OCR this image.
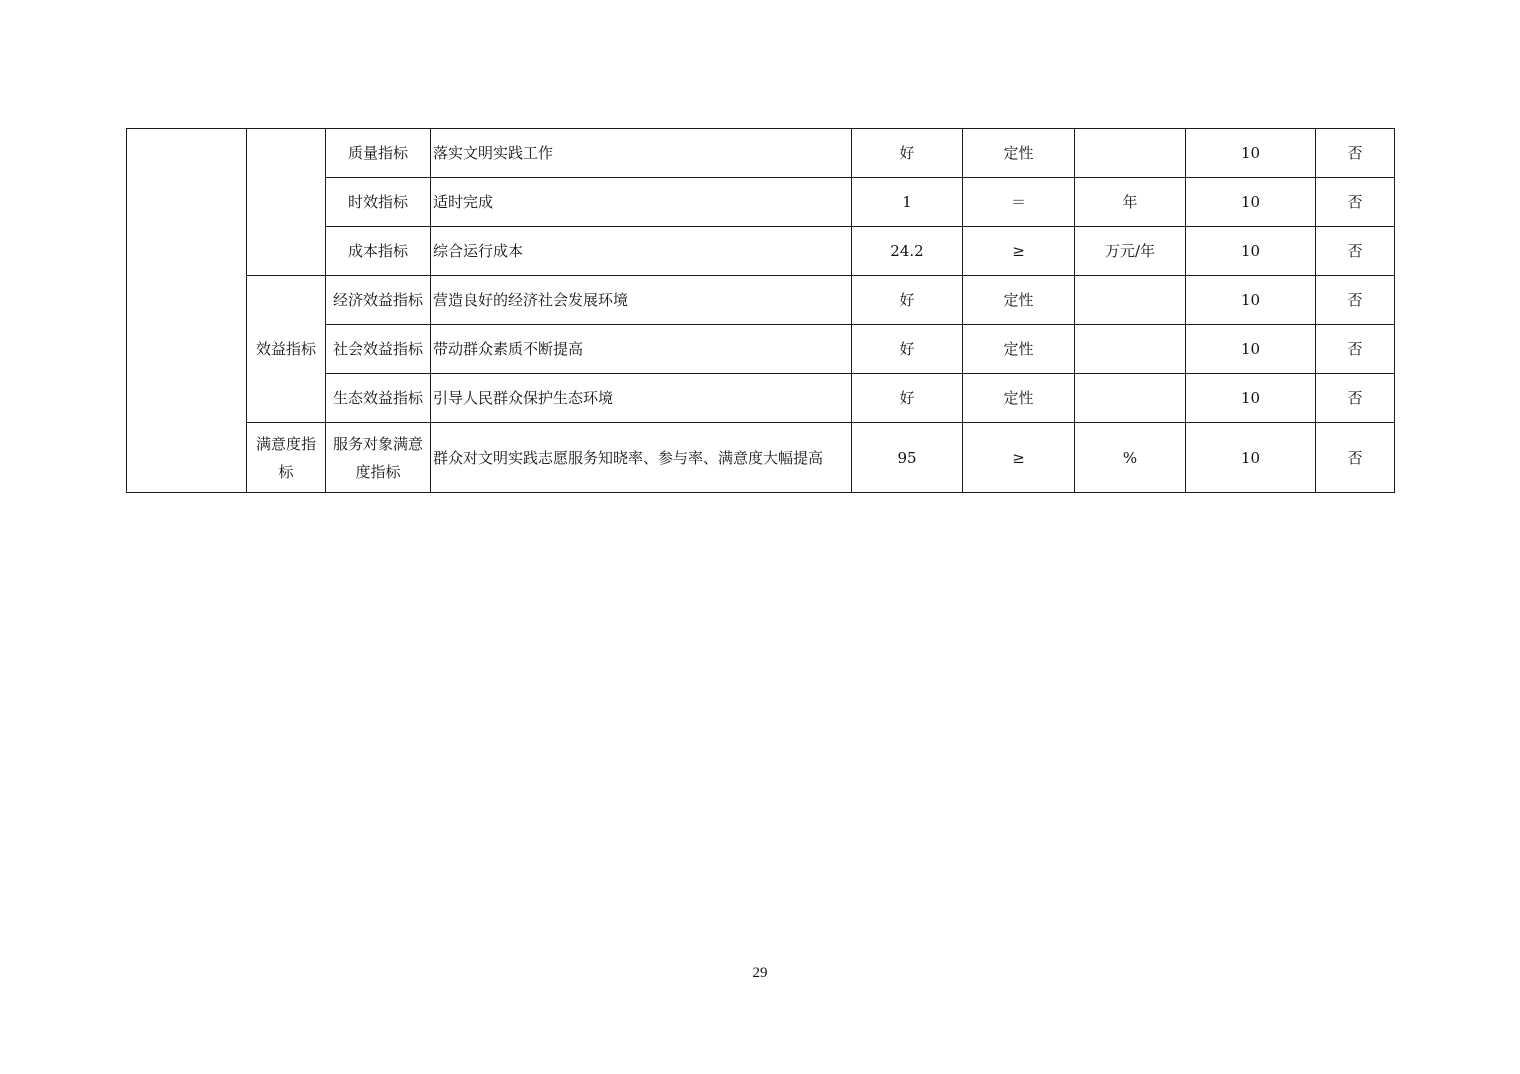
		质量指标	落实文明实践工作	好	定性		10	否
		时效指标	适时完成	1	＝	年	10	否
		成本指标	综合运行成本	24.2	≥	万元/年	10	否
	效益指标	经济效益指标	营造良好的经济社会发展环境	好	定性		10	否
		社会效益指标	带动群众素质不断提高	好	定性		10	否
		生态效益指标	引导人民群众保护生态环境	好	定性		10	否
	满意度指标	服务对象满意度指标	群众对文明实践志愿服务知晓率、参与率、满意度大幅提高	95	≥	%	10	否
29
